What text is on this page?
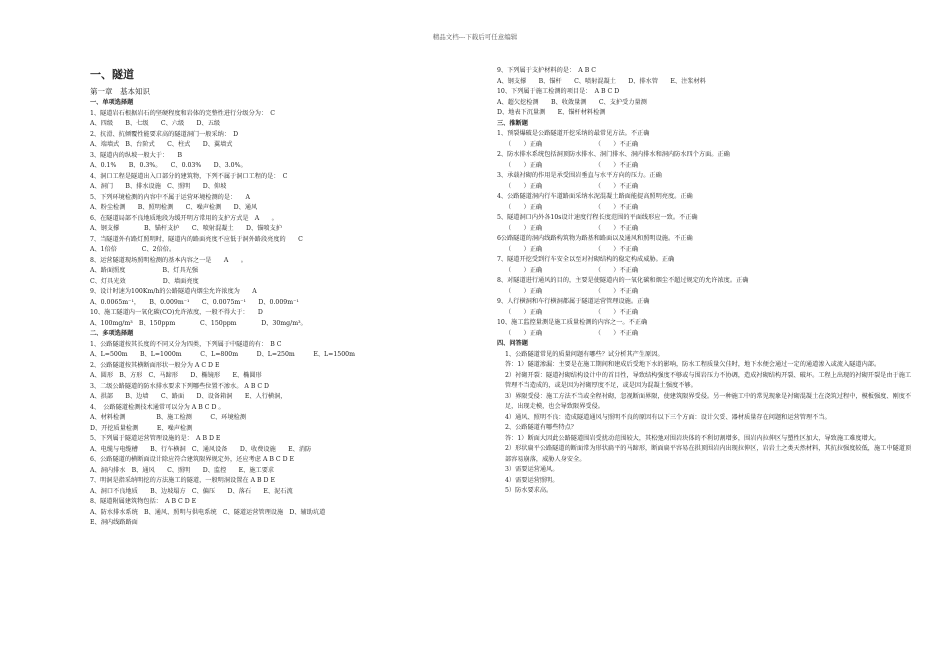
精品文档---下载后可任意编辑
一、隧道
第一章　基本知识
一、单项选择题
1、隧道岩石根据岩石的坚硬程度和岩体的完整性进行分级分为：　C　　
A、四级　　B、七级　　C、六级　　D、五级
2、抗滑、抗倾覆性能要求高的隧道洞门一般采纳：　D　　
A、端墙式　B、台阶式　　C、柱式　　D、翼墙式
3、隧道内的纵坡一般大于：　　B　　
A、0.1%　　B、0.3%。　　C、0.03%　　D、3.0%。
4、洞口工程是隧道出入口部分的建筑物，下列不属于洞口工程的是：　C　　
A、洞门　　B、排水设施　C、照明　　D、仰坡
5、下列环境检测的内容中不属于运营环境检测的是：　　A　　
A、粉尘检测　　B、照明检测　　C、噪声检测　　D、通风
6、在隧道局部不良地质地段为缓开明方常用的支护方式是　A　　。
A、钢支撑　　　　B、锚杆支护　　C、喷射混凝土　　D、锚喷支护
7、当隧道外有路灯照明时，隧道内的路面亮度不应低于洞外路段亮度的　　C
A、1倍倍　　　　C、2倍倍。
8、运营隧道现场照明检测的基本内容之一是　　A　　。
A、路面照度　　　　　　B、灯具光强
C、灯具光效　　　　　　D、墙面亮度
9、设计时速为100Km/h的公路隧道内烟尘允许浓度为　　A
A、0.0065m⁻¹，　　B、0.009m⁻¹　　C、0.0075m⁻¹　　D、0.009m⁻¹
10、施工隧道内一氧化碳(CO)允许浓度，一般不得大于：　　D　　
A、100mg/m³　B、150ppm　　　　C、150ppm　　　　D、30mg/m³。
二、多项选择题
1、公路隧道按其长度的不同又分为四类，下列属于中隧道的有：　B C　
A、L=500m　　B、L=1000m　　　C、L=800m　　　D、L=250m　　　E、L=1500m
2、公路隧道按其横断面形状一般分为 A C D E
A、圆形　B、方形　C、马蹄形　　D、椭镜形　　E、椭圆形
3、二级公路隧道的防水排水要求下列哪些位置不渗水。 A B C D
A、拱部　　B、边墙　　C、路面　　D、设备箱洞　　E、人行横洞，
4、　公路隧道检测技术通常可以分为 A B C D 。
A、材料检测　　　　　B、施工检测　　　C、环境检测
D、开挖质量检测　　　E、噪声检测
5、下列属于隧道运营管理设施的是：　A B D E
A、电缆与电缆槽　　B、行车横洞　C、通风设备　　D、收费设施　　E、消防
6、公路隧道的横断面设计除应符合建筑限界规定外，还应考虑 A B C D E
A、洞内排水　B、通风　　C、照明　　D、监控　　E、施工要求
7、明洞是指采纳明挖的方法施工的隧道，一般明洞设置在 A B D E
A、洞口不良地质　　B、边坡塌方　C、偏压　　D、落石　　E、泥石流
8、隧道附属建筑物包括：　A B C D E
A、防水排水系统　B、通风、照明与供电系统　C、隧道运营管理设施　D、辅助坑道
E、洞内线路路面
9、下列属于支护材料的是：　A B C　
A、钢支撑　　B、锚杆　　C、喷射混凝土　　D、排水管　　E、注浆材料
10、下列属于施工检测的项目是：　A B C D
A、超欠挖检测　　B、收敛量测　　C、支护受力量测
D、地表下沉量测　　E、锚杆材料检测
三、推断题
1、预裂爆破是公路隧道开挖采纳的最常见方法。不正确
（　　）正确　　　　　　　　　（　　）不正确
2、防水排水系统包括洞顶防水排水、洞门排水、洞内排水和洞内防水四个方面。正确
（　　）正确　　　　　　　　　（　　）不正确
3、承载衬砌的作用是承受围岩垂直与水平方向的压力。正确
（　　）正确　　　　　　　　　（　　）不正确
4、公路隧道洞内行车道路面采纳水泥混凝土路面能提高照明亮度。正确
（　　）正确　　　　　　　　　（　　）不正确
5、隧道洞口内外各10s设计速度行程长度范围的平面线形应一致。不正确
（　　）正确　　　　　　　　　（　　）不正确
6公路隧道的洞内线路构筑物为路基和路面以及通风和照明设施。不正确
（　　）正确　　　　　　　　　（　　）不正确
7、隧道开挖受到行车安全以至对衬砌结构的稳定构成威胁。正确
（　　）正确　　　　　　　　　（　　）不正确
8、对隧道进行通风的目的，主要是使隧道内的一氧化碳和烟尘不超过规定的允许浓度。正确
（　　）正确　　　　　　　　　（　　）不正确
9、人行横洞和车行横洞都属于隧道运营管理设施。正确
（　　）正确　　　　　　　　　（　　）不正确
10、施工监控量测是施工质量检测的内容之一。不正确
（　　）正确　　　　　　　　　（　　）不正确
四、问答题
1、公路隧道常见的质量问题有哪些？试分析其产生原因。
答：1）隧道渗漏：主要是在施工期间和建成后受地下水的影响，防水工程质量欠佳时，地下水便会通过一定的通道渗入或流入隧道内部。
2）衬砌开裂：隧道衬砌结构设计中的首目性，导致结构强度不够或与围岩压力不协调，造成衬砌结构开裂、破坏。工程上出现的衬砌开裂是由于施工管理不当造成的，或是因为衬砌厚度不足，或是因为混凝土强度不够。
3）界限受侵：施工方法不当或全程衬砌，忽视断面界限，使建筑限界受侵。另一种施工中的常见现象是衬砌混凝土在浇筑过程中，模板强度、刚度不足，出现走模，也会导致限界受侵。
4）通风、照明不良：造成隧道通风与照明不良的原因有以下三个方面：设计欠妥、器材质量存在问题和运营管理不当。
2、公路隧道有哪些特点？
答：1）断面大因此公路隧道围岩受扰动范围较大，其松弛对围岩块体的不利切割增多，围岩内拉伸区与塑性区加大，导致施工难度增大。
2）形状扁平公路隧道的断面常为形状扁平的马蹄形，断面扁平容易在拱顶围岩内出现拉伸区，岩岩土之类天然材料，其抗拉强度较低，施工中隧道顶部容易崩落，威胁人身安全。
3）需要运营通风。
4）需要运营照明。
5）防水要求高。
